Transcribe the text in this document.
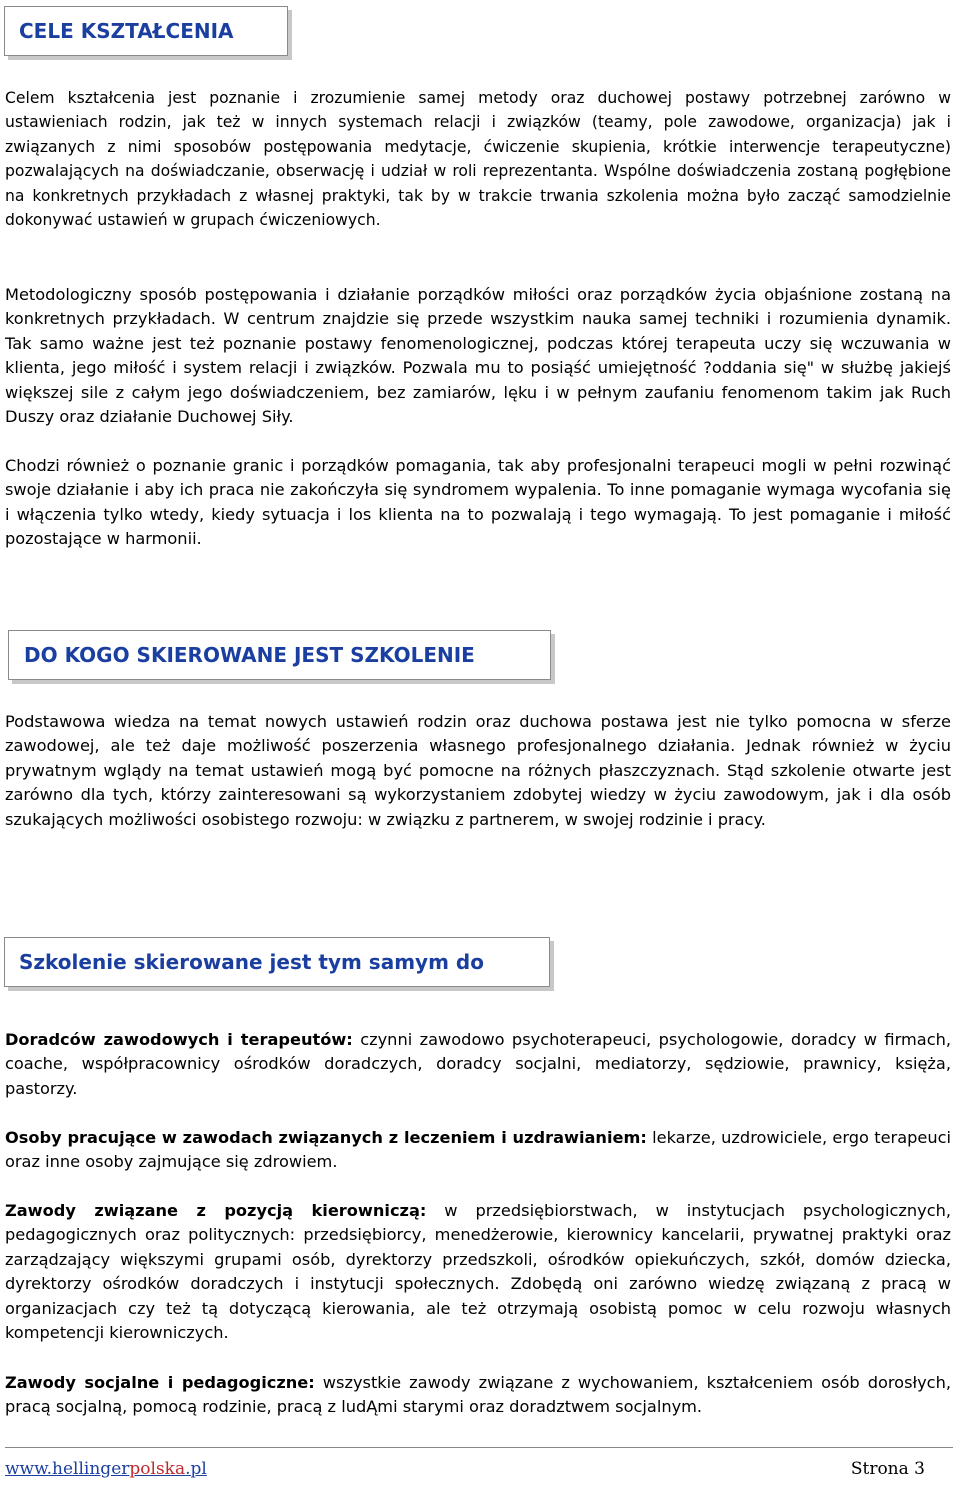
CELE KSZTAŁCENIA

Celem kształcenia jest poznanie i zrozumienie samej metody oraz duchowej postawy potrzebnej zarówno w ustawieniach rodzin, jak też w innych systemach relacji i związków (teamy, pole zawodowe, organizacja) jak i związanych z nimi sposobów postępowania medytacje, ćwiczenie skupienia, krótkie interwencje terapeutyczne) pozwalających na doświadczanie, obserwację i udział w roli reprezentanta. Wspólne doświadczenia zostaną pogłębione na konkretnych przykładach z własnej praktyki, tak by w trakcie trwania szkolenia można było zacząć samodzielnie dokonywać ustawień w grupach ćwiczeniowych.

Metodologiczny sposób postępowania i działanie porządków miłości oraz porządków życia objaśnione zostaną na konkretnych przykładach. W centrum znajdzie się przede wszystkim nauka samej techniki i rozumienia dynamik. Tak samo ważne jest też poznanie postawy fenomenologicznej, podczas której terapeuta uczy się wczuwania w klienta, jego miłość i system relacji i związków. Pozwala mu to posiąść umiejętność ?oddania się" w służbę jakiejś większej sile z całym jego doświadczeniem, bez zamiarów, lęku i w pełnym zaufaniu fenomenom takim jak Ruch Duszy oraz działanie Duchowej Siły.

Chodzi również o poznanie granic i porządków pomagania, tak aby profesjonalni terapeuci mogli w pełni rozwinąć swoje działanie i aby ich praca nie zakończyła się syndromem wypalenia. To inne pomaganie wymaga wycofania się i włączenia tylko wtedy, kiedy sytuacja i los klienta na to pozwalają i tego wymagają. To jest pomaganie i miłość pozostające w harmonii.

DO KOGO SKIEROWANE JEST SZKOLENIE

Podstawowa wiedza na temat nowych ustawień rodzin oraz duchowa postawa jest nie tylko pomocna w sferze zawodowej, ale też daje możliwość poszerzenia własnego profesjonalnego działania. Jednak również w życiu prywatnym wglądy na temat ustawień mogą być pomocne na różnych płaszczyznach. Stąd szkolenie otwarte jest zarówno dla tych, którzy zainteresowani są wykorzystaniem zdobytej wiedzy w życiu zawodowym, jak i dla osób szukających możliwości osobistego rozwoju: w związku z partnerem, w swojej rodzinie i pracy.

Szkolenie skierowane jest tym samym do

Doradców zawodowych i terapeutów: czynni zawodowo psychoterapeuci, psychologowie, doradcy w firmach, coache, współpracownicy ośrodków doradczych, doradcy socjalni, mediatorzy, sędziowie, prawnicy, księża, pastorzy.

Osoby pracujące w zawodach związanych z leczeniem i uzdrawianiem: lekarze, uzdrowiciele, ergo terapeuci oraz inne osoby zajmujące się zdrowiem.

Zawody związane z pozycją kierowniczą: w przedsiębiorstwach, w instytucjach psychologicznych, pedagogicznych oraz politycznych: przedsiębiorcy, menedżerowie, kierownicy kancelarii, prywatnej praktyki oraz zarządzający większymi grupami osób, dyrektorzy przedszkoli, ośrodków opiekuńczych, szkół, domów dziecka, dyrektorzy ośrodków doradczych i instytucji społecznych. Zdobędą oni zarówno wiedzę związaną z pracą w organizacjach czy też tą dotyczącą kierowania, ale też otrzymają osobistą pomoc w celu rozwoju własnych kompetencji kierowniczych.

Zawody socjalne i pedagogiczne: wszystkie zawody związane z wychowaniem, kształceniem osób dorosłych, pracą socjalną, pomocą rodzinie, pracą z ludĄmi starymi oraz doradztwem socjalnym.

www.hellingerpolska.pl	Strona 3
